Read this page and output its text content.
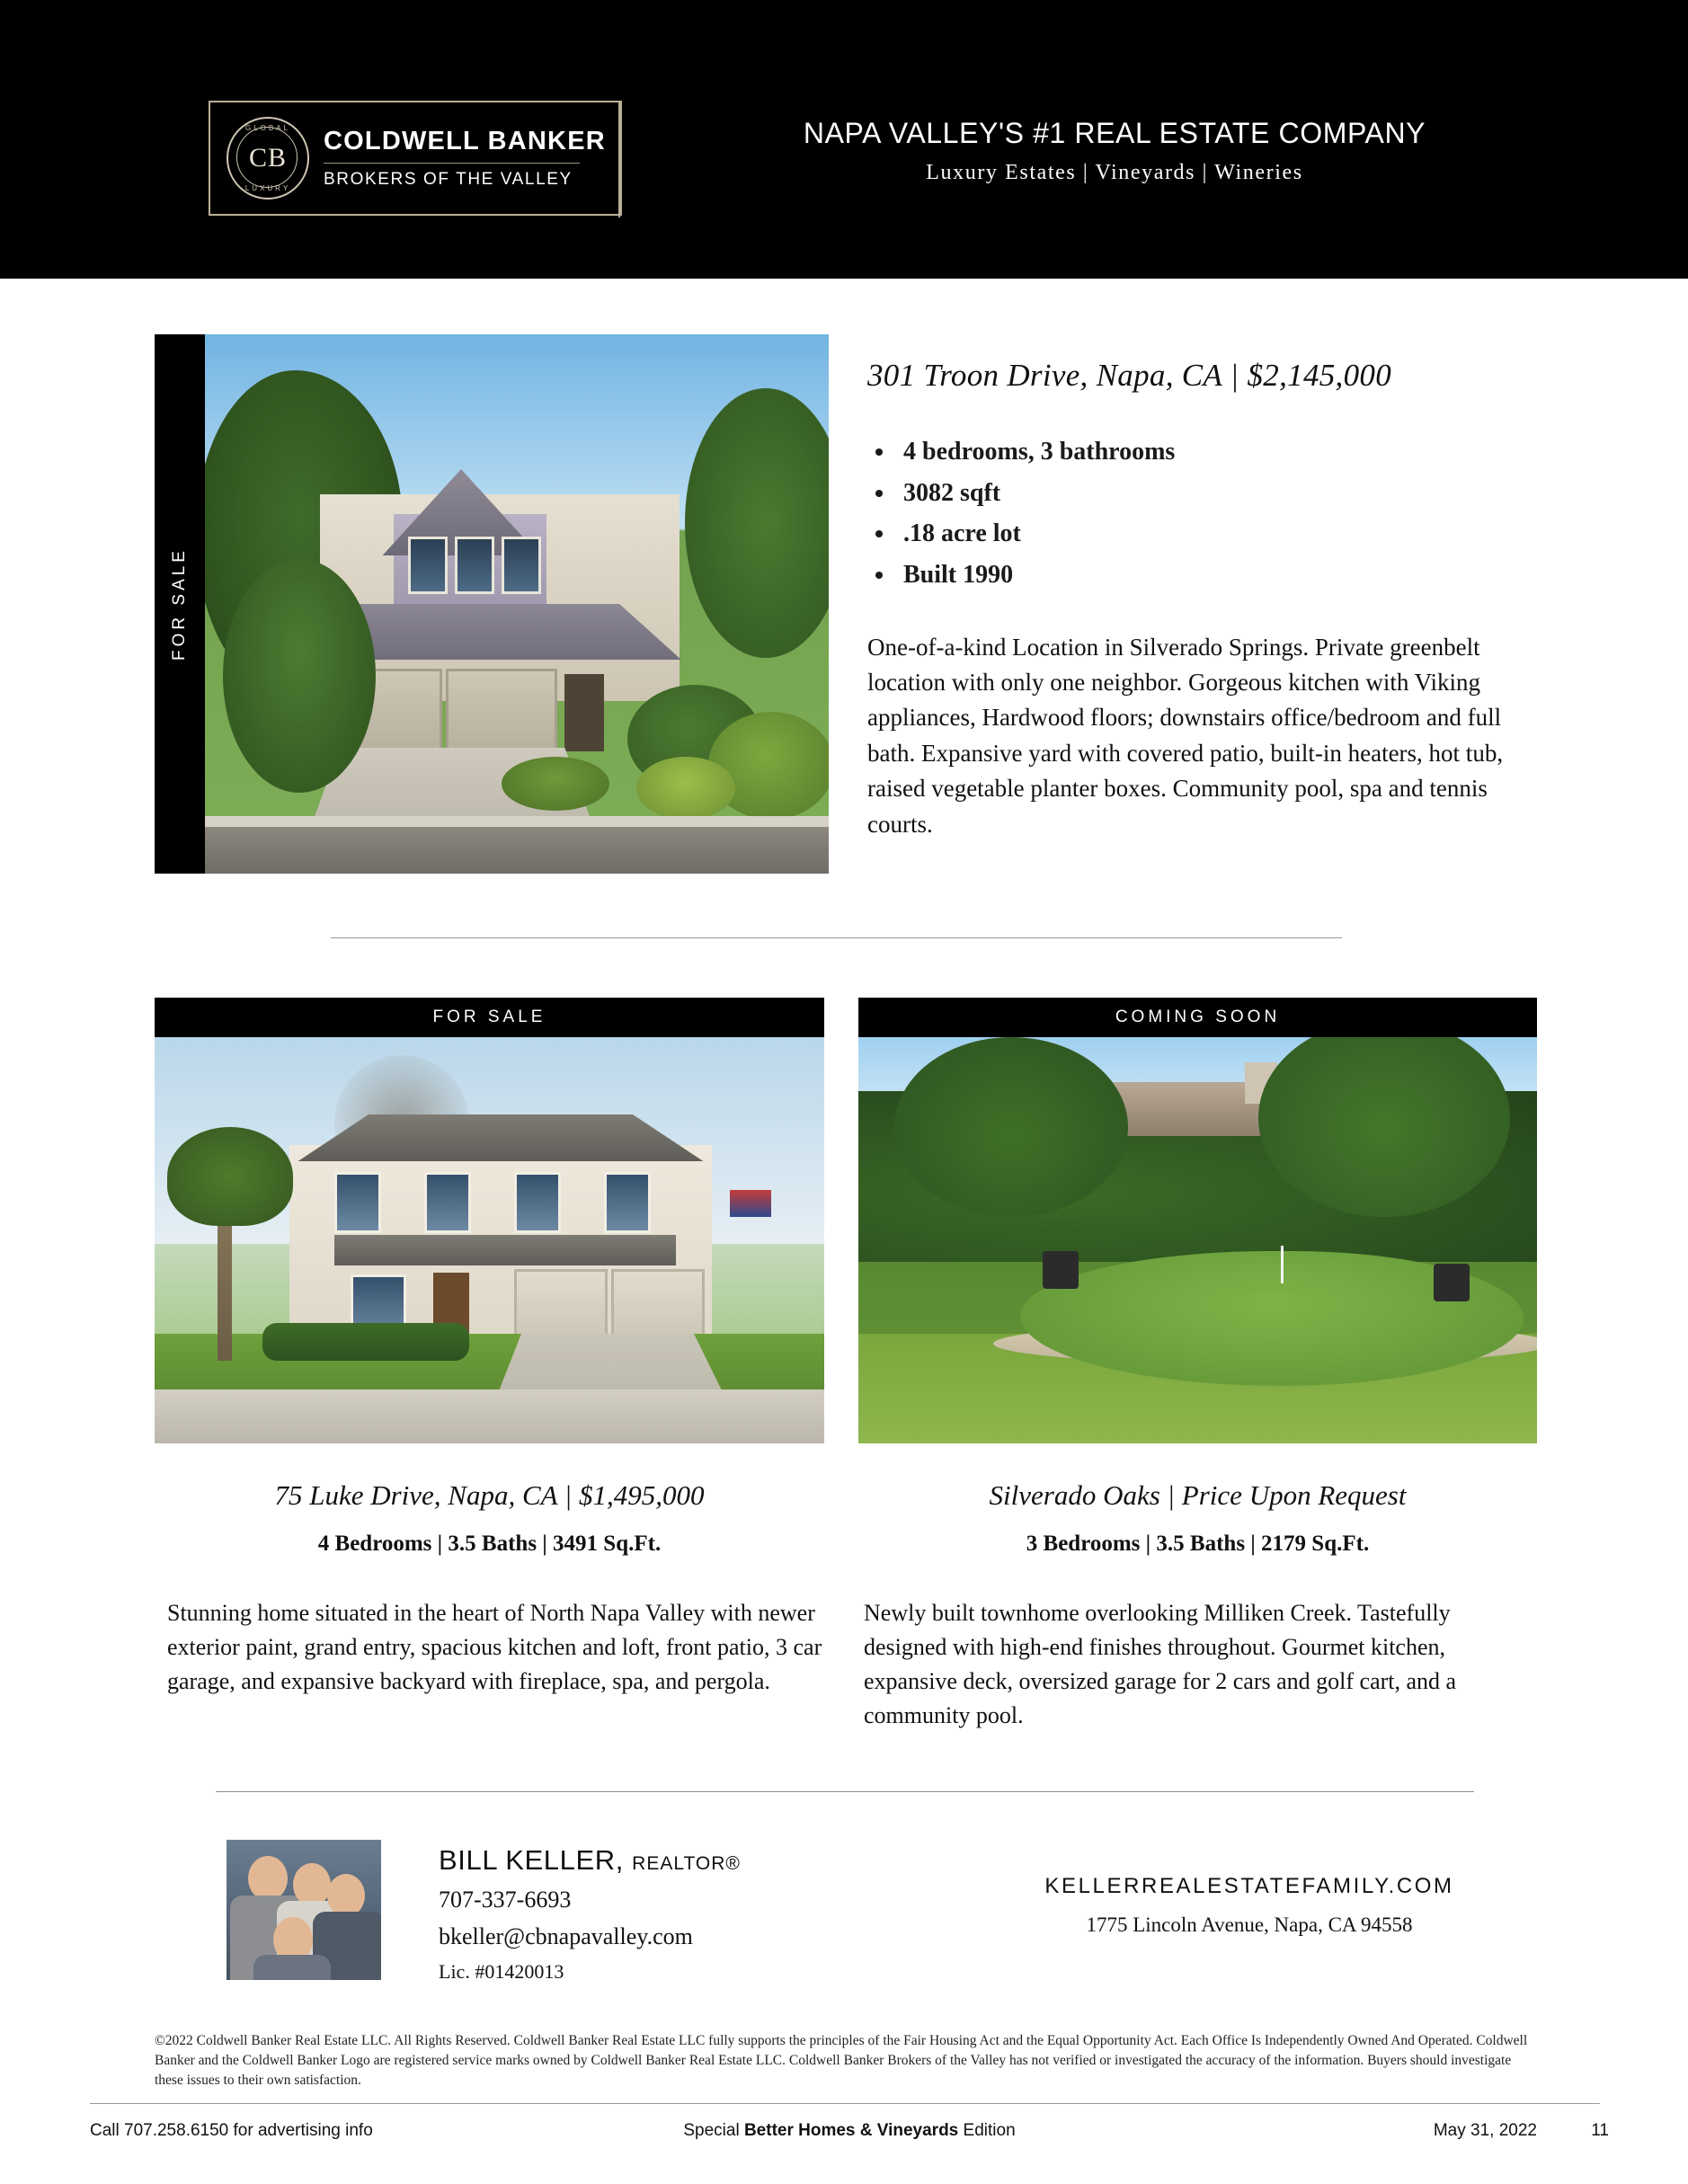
GLOBAL
CB
LUXURY
COLDWELL BANKER
BROKERS OF THE VALLEY
NAPA VALLEY'S #1 REAL ESTATE COMPANY
Luxury Estates | Vineyards | Wineries
FOR SALE
301 Troon Drive, Napa, CA | $2,145,000
• 4 bedrooms, 3 bathrooms
• 3082 sqft
• .18 acre lot
• Built 1990
One-of-a-kind Location in Silverado Springs. Private greenbelt location with only one neighbor. Gorgeous kitchen with Viking appliances, Hardwood floors; downstairs office/bedroom and full bath. Expansive yard with covered patio, built-in heaters, hot tub, raised vegetable planter boxes. Community pool, spa and tennis courts.
FOR SALE
75 Luke Drive, Napa, CA | $1,495,000
4 Bedrooms | 3.5 Baths | 3491 Sq.Ft.
Stunning home situated in the heart of North Napa Valley with newer exterior paint, grand entry, spacious kitchen and loft, front patio, 3 car garage, and expansive backyard with fireplace, spa, and pergola.
COMING SOON
Silverado Oaks | Price Upon Request
3 Bedrooms | 3.5 Baths | 2179 Sq.Ft.
Newly built townhome overlooking Milliken Creek. Tastefully designed with high-end finishes throughout. Gourmet kitchen, expansive deck, oversized garage for 2 cars and golf cart, and a community pool.
BILL KELLER, REALTOR®
707-337-6693
bkeller@cbnapavalley.com
Lic. #01420013
KELLERREALESTATEFAMILY.COM
1775 Lincoln Avenue, Napa, CA 94558
©2022 Coldwell Banker Real Estate LLC. All Rights Reserved. Coldwell Banker Real Estate LLC fully supports the principles of the Fair Housing Act and the Equal Opportunity Act. Each Office Is Independently Owned And Operated. Coldwell Banker and the Coldwell Banker Logo are registered service marks owned by Coldwell Banker Real Estate LLC. Coldwell Banker Brokers of the Valley has not verified or investigated the accuracy of the information. Buyers should investigate these issues to their own satisfaction.
Call 707.258.6150 for advertising info	Special Better Homes & Vineyards Edition	May 31, 2022	11
